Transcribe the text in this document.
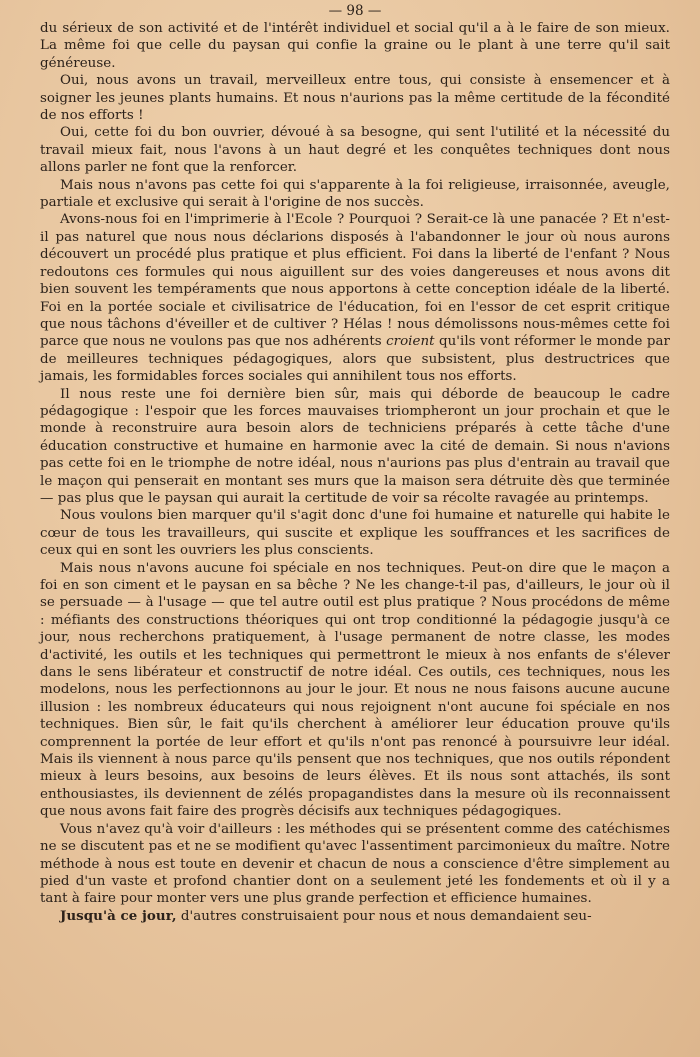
— 98 —

du sérieux de son activité et de l'intérêt individuel et social qu'il a à le faire de son mieux. La même foi que celle du paysan qui confie la graine ou le plant à une terre qu'il sait généreuse.

Oui, nous avons un travail, merveilleux entre tous, qui consiste à ensemencer et à soigner les jeunes plants humains. Et nous n'aurions pas la même certitude de la fécondité de nos efforts !

Oui, cette foi du bon ouvrier, dévoué à sa besogne, qui sent l'utilité et la nécessité du travail mieux fait, nous l'avons à un haut degré et les conquêtes techniques dont nous allons parler ne font que la renforcer.

Mais nous n'avons pas cette foi qui s'apparente à la foi religieuse, irraisonnée, aveugle, partiale et exclusive qui serait à l'origine de nos succès.

Avons-nous foi en l'imprimerie à l'Ecole ? Pourquoi ? Serait-ce là une panacée ? Et n'est-il pas naturel que nous nous déclarions disposés à l'abandonner le jour où nous aurons découvert un procédé plus pratique et plus efficient. Foi dans la liberté de l'enfant ? Nous redoutons ces formules qui nous aiguillent sur des voies dangereuses et nous avons dit bien souvent les tempéraments que nous apportons à cette conception idéale de la liberté. Foi en la portée sociale et civilisatrice de l'éducation, foi en l'essor de cet esprit critique que nous tâchons d'éveiller et de cultiver ? Hélas ! nous démolissons nous-mêmes cette foi parce que nous ne voulons pas que nos adhérents croient qu'ils vont réformer le monde par de meilleures techniques pédagogiques, alors que subsistent, plus destructrices que jamais, les formidables forces sociales qui annihilent tous nos efforts.

Il nous reste une foi dernière bien sûr, mais qui déborde de beaucoup le cadre pédagogique : l'espoir que les forces mauvaises triompheront un jour prochain et que le monde à reconstruire aura besoin alors de techniciens préparés à cette tâche d'une éducation constructive et humaine en harmonie avec la cité de demain. Si nous n'avions pas cette foi en le triomphe de notre idéal, nous n'aurions pas plus d'entrain au travail que le maçon qui penserait en montant ses murs que la maison sera détruite dès que terminée — pas plus que le paysan qui aurait la certitude de voir sa récolte ravagée au printemps.

Nous voulons bien marquer qu'il s'agit donc d'une foi humaine et naturelle qui habite le cœur de tous les travailleurs, qui suscite et explique les souffrances et les sacrifices de ceux qui en sont les ouvriers les plus conscients.

Mais nous n'avons aucune foi spéciale en nos techniques. Peut-on dire que le maçon a foi en son ciment et le paysan en sa bêche ? Ne les change-t-il pas, d'ailleurs, le jour où il se persuade — à l'usage — que tel autre outil est plus pratique ? Nous procédons de même : méfiants des constructions théoriques qui ont trop conditionné la pédagogie jusqu'à ce jour, nous recherchons pratiquement, à l'usage permanent de notre classe, les modes d'activité, les outils et les techniques qui permettront le mieux à nos enfants de s'élever dans le sens libérateur et constructif de notre idéal. Ces outils, ces techniques, nous les modelons, nous les perfectionnons au jour le jour. Et nous ne nous faisons aucune aucune illusion : les nombreux éducateurs qui nous rejoignent n'ont aucune foi spéciale en nos techniques. Bien sûr, le fait qu'ils cherchent à améliorer leur éducation prouve qu'ils comprennent la portée de leur effort et qu'ils n'ont pas renoncé à poursuivre leur idéal. Mais ils viennent à nous parce qu'ils pensent que nos techniques, que nos outils répondent mieux à leurs besoins, aux besoins de leurs élèves. Et ils nous sont attachés, ils sont enthousiastes, ils deviennent de zélés propagandistes dans la mesure où ils reconnaissent que nous avons fait faire des progrès décisifs aux techniques pédagogiques.

Vous n'avez qu'à voir d'ailleurs : les méthodes qui se présentent comme des catéchismes ne se discutent pas et ne se modifient qu'avec l'assentiment parcimonieux du maître. Notre méthode à nous est toute en devenir et chacun de nous a conscience d'être simplement au pied d'un vaste et profond chantier dont on a seulement jeté les fondements et où il y a tant à faire pour monter vers une plus grande perfection et efficience humaines.

Jusqu'à ce jour, d'autres construisaient pour nous et nous demandaient seu-
